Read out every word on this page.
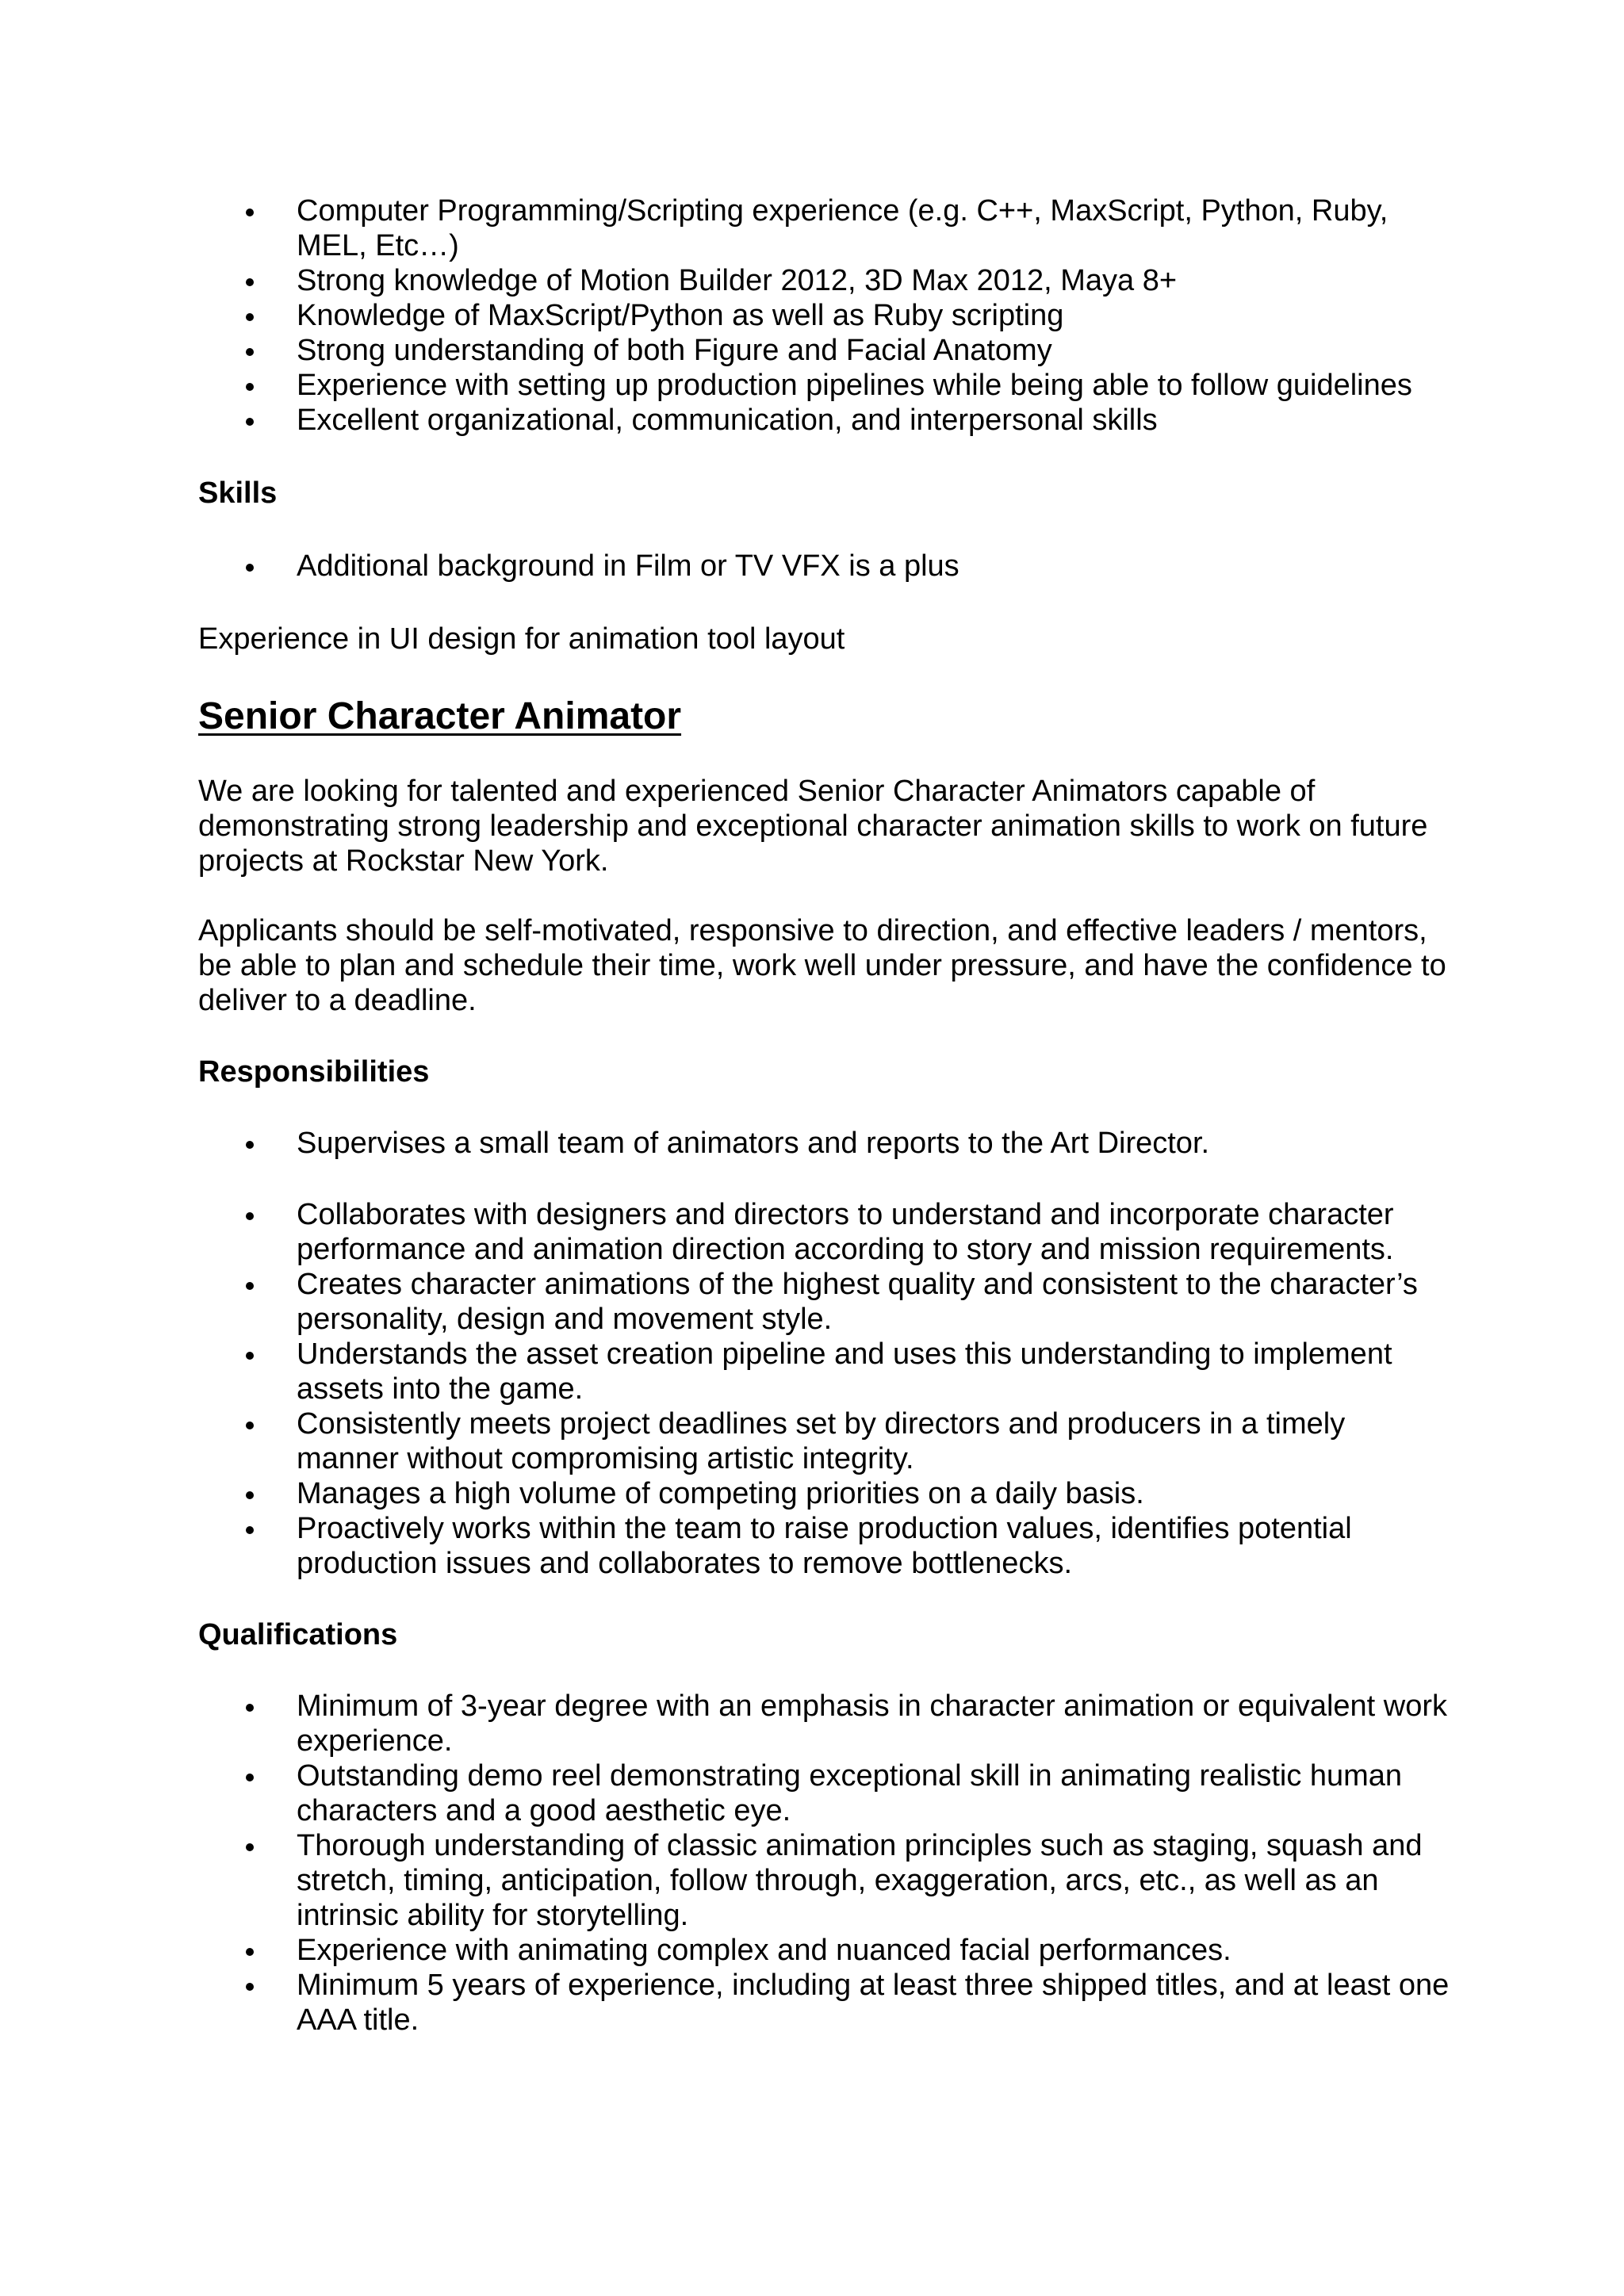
Computer Programming/Scripting experience (e.g. C++, MaxScript, Python, Ruby, MEL, Etc…)
Strong knowledge of Motion Builder 2012, 3D Max 2012, Maya 8+
Knowledge of MaxScript/Python as well as Ruby scripting
Strong understanding of both Figure and Facial Anatomy
Experience with setting up production pipelines while being able to follow guidelines
Excellent organizational, communication, and interpersonal skills

Skills

Additional background in Film or TV VFX is a plus

Experience in UI design for animation tool layout

Senior Character Animator

We are looking for talented and experienced Senior Character Animators capable of demonstrating strong leadership and exceptional character animation skills to work on future projects at Rockstar New York.

Applicants should be self-motivated, responsive to direction, and effective leaders / mentors, be able to plan and schedule their time, work well under pressure, and have the confidence to deliver to a deadline.

Responsibilities

Supervises a small team of animators and reports to the Art Director.
Collaborates with designers and directors to understand and incorporate character performance and animation direction according to story and mission requirements.
Creates character animations of the highest quality and consistent to the character’s personality, design and movement style.
Understands the asset creation pipeline and uses this understanding to implement assets into the game.
Consistently meets project deadlines set by directors and producers in a timely manner without compromising artistic integrity.
Manages a high volume of competing priorities on a daily basis.
Proactively works within the team to raise production values, identifies potential production issues and collaborates to remove bottlenecks.

Qualifications

Minimum of 3-year degree with an emphasis in character animation or equivalent work experience.
Outstanding demo reel demonstrating exceptional skill in animating realistic human characters and a good aesthetic eye.
Thorough understanding of classic animation principles such as staging, squash and stretch, timing, anticipation, follow through, exaggeration, arcs, etc., as well as an intrinsic ability for storytelling.
Experience with animating complex and nuanced facial performances.
Minimum 5 years of experience, including at least three shipped titles, and at least one AAA title.
